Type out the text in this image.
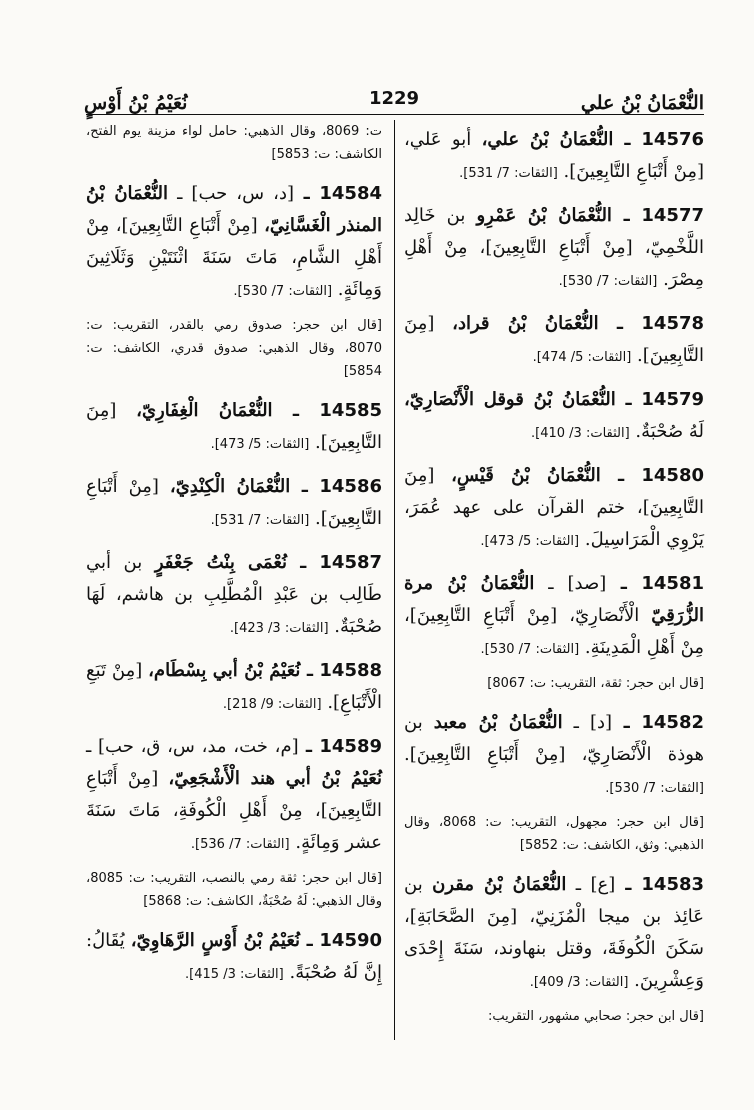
النُّعْمَانُ بْنُ علي
1229
نُعَيْمُ بْنُ أَوْسٍ
14576 ـ النُّعْمَانُ بْنُ علي، أبو عَلي، [مِنْ أَتْبَاعِ التَّابِعِينَ]. [الثقات: 7/ 531].
14577 ـ النُّعْمَانُ بْنُ عَمْرِو بن خَالِد اللَّخْمِيّ، [مِنْ أَتْبَاعِ التَّابِعِينَ]، مِنْ أَهْلِ مِصْرَ. [الثقات: 7/ 530].
14578 ـ النُّعْمَانُ بْنُ قراد، [مِنَ التَّابِعِينَ]. [الثقات: 5/ 474].
14579 ـ النُّعْمَانُ بْنُ قوقل الْأَنْصَارِيّ، لَهُ صُحْبَةٌ. [الثقات: 3/ 410].
14580 ـ النُّعْمَانُ بْنُ قَيْسٍ، [مِنَ التَّابِعِينَ]، ختم القرآن على عهد عُمَرَ، يَرْوِي الْمَرَاسِيلَ. [الثقات: 5/ 473].
14581 ـ [صد] ـ النُّعْمَانُ بْنُ مرة الزُّرَقِيّ الْأَنْصَارِيّ، [مِنْ أَتْبَاعِ التَّابِعِينَ]، مِنْ أَهْلِ الْمَدِينَةِ. [الثقات: 7/ 530].
[قال ابن حجر: ثقة، التقريب: ت: 8067]
14582 ـ [د] ـ النُّعْمَانُ بْنُ معبد بن هوذة الْأَنْصَارِيّ، [مِنْ أَتْبَاعِ التَّابِعِينَ]. [الثقات: 7/ 530].
[قال ابن حجر: مجهول، التقريب: ت: 8068، وقال الذهبي: وثق، الكاشف: ت: 5852]
14583 ـ [ع] ـ النُّعْمَانُ بْنُ مقرن بن عَائِذ بن ميجا الْمُزَنِيّ، [مِنَ الصَّحَابَةِ]، سَكَنَ الْكُوفَةَ، وقتل بنهاوند، سَنَةَ إِحْدَى وَعِشْرِينَ. [الثقات: 3/ 409].
[قال ابن حجر: صحابي مشهور، التقريب:
ت: 8069، وقال الذهبي: حامل لواء مزينة يوم الفتح، الكاشف: ت: 5853]
14584 ـ [د، س، حب] ـ النُّعْمَانُ بْنُ المنذر الْغَسَّانِيّ، [مِنْ أَتْبَاعِ التَّابِعِينَ]، مِنْ أَهْلِ الشَّامِ، مَاتَ سَنَةَ اثْنَتَيْنِ وَثَلَاثِينَ وَمِائَةٍ. [الثقات: 7/ 530].
[قال ابن حجر: صدوق رمي بالقدر، التقريب: ت: 8070، وقال الذهبي: صدوق قدري، الكاشف: ت: 5854]
14585 ـ النُّعْمَانُ الْغِفَارِيّ، [مِنَ التَّابِعِينَ]. [الثقات: 5/ 473].
14586 ـ النُّعْمَانُ الْكِنْدِيّ، [مِنْ أَتْبَاعِ التَّابِعِينَ]. [الثقات: 7/ 531].
14587 ـ نُعْمَى بِنْتُ جَعْفَرٍ بن أبي طَالِب بن عَبْدِ الْمُطَّلِبِ بن هاشم، لَهَا صُحْبَةٌ. [الثقات: 3/ 423].
14588 ـ نُعَيْمُ بْنُ أبي بِسْطَام، [مِنْ تَبَعِ الْأَتْبَاعِ]. [الثقات: 9/ 218].
14589 ـ [م، خت، مد، س، ق، حب] ـ نُعَيْمُ بْنُ أبي هند الْأَشْجَعِيّ، [مِنْ أَتْبَاعِ التَّابِعِينَ]، مِنْ أَهْلِ الْكُوفَةِ، مَاتَ سَنَةَ عشر وَمِائَةٍ. [الثقات: 7/ 536].
[قال ابن حجر: ثقة رمي بالنصب، التقريب: ت: 8085، وقال الذهبي: لَهُ صُحْبَةٌ، الكاشف: ت: 5868]
14590 ـ نُعَيْمُ بْنُ أَوْسٍ الرَّهَاوِيّ، يُقَالُ: إِنَّ لَهُ صُحْبَةً. [الثقات: 3/ 415].
